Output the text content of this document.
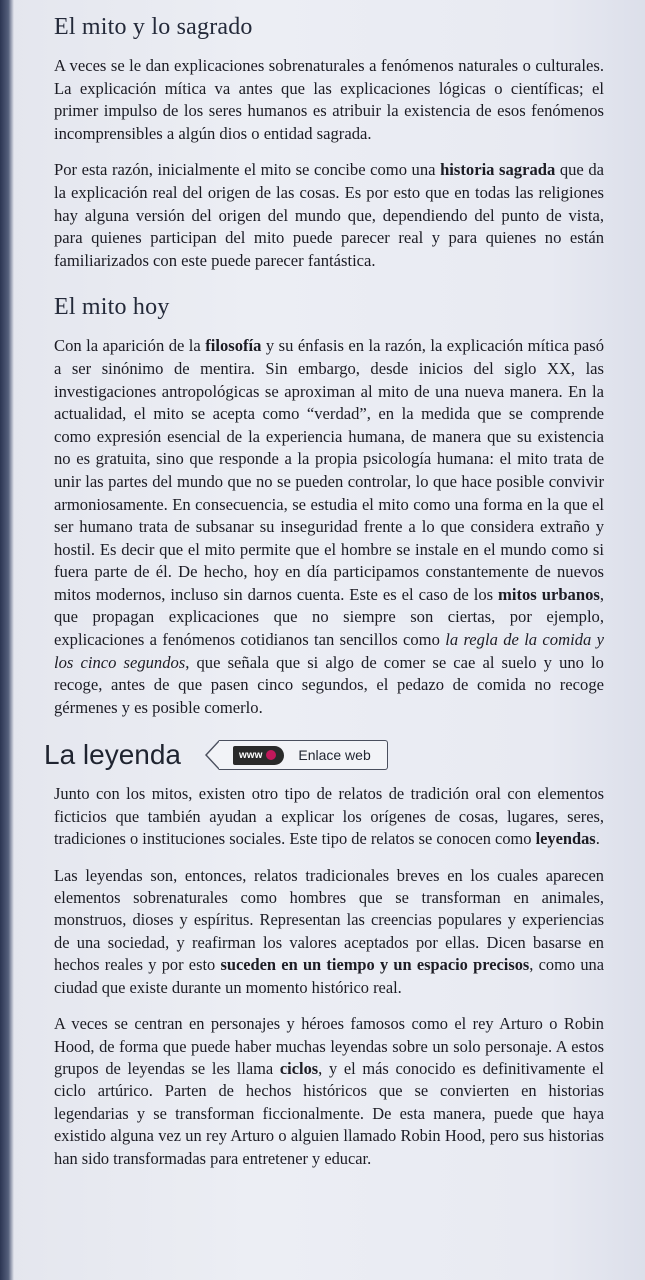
El mito y lo sagrado

A veces se le dan explicaciones sobrenaturales a fenómenos naturales o culturales. La explicación mítica va antes que las explicaciones lógicas o científicas; el primer impulso de los seres humanos es atribuir la existencia de esos fenómenos incomprensibles a algún dios o entidad sagrada.

Por esta razón, inicialmente el mito se concibe como una historia sagrada que da la explicación real del origen de las cosas. Es por esto que en todas las religiones hay alguna versión del origen del mundo que, dependiendo del punto de vista, para quienes participan del mito puede parecer real y para quienes no están familiarizados con este puede parecer fantástica.

El mito hoy

Con la aparición de la filosofía y su énfasis en la razón, la explicación mítica pasó a ser sinónimo de mentira. Sin embargo, desde inicios del siglo XX, las investigaciones antropológicas se aproximan al mito de una nueva manera. En la actualidad, el mito se acepta como “verdad”, en la medida que se comprende como expresión esencial de la experiencia humana, de manera que su existencia no es gratuita, sino que responde a la propia psicología humana: el mito trata de unir las partes del mundo que no se pueden controlar, lo que hace posible convivir armoniosamente. En consecuencia, se estudia el mito como una forma en la que el ser humano trata de subsanar su inseguridad frente a lo que considera extraño y hostil. Es decir que el mito permite que el hombre se instale en el mundo como si fuera parte de él. De hecho, hoy en día participamos constantemente de nuevos mitos modernos, incluso sin darnos cuenta. Este es el caso de los mitos urbanos, que propagan explicaciones que no siempre son ciertas, por ejemplo, explicaciones a fenómenos cotidianos tan sencillos como la regla de la comida y los cinco segundos, que señala que si algo de comer se cae al suelo y uno lo recoge, antes de que pasen cinco segundos, el pedazo de comida no recoge gérmenes y es posible comerlo.

La leyenda	www	Enlace web

Junto con los mitos, existen otro tipo de relatos de tradición oral con elementos ficticios que también ayudan a explicar los orígenes de cosas, lugares, seres, tradiciones o instituciones sociales. Este tipo de relatos se conocen como leyendas.

Las leyendas son, entonces, relatos tradicionales breves en los cuales aparecen elementos sobrenaturales como hombres que se transforman en animales, monstruos, dioses y espíritus. Representan las creencias populares y experiencias de una sociedad, y reafirman los valores aceptados por ellas. Dicen basarse en hechos reales y por esto suceden en un tiempo y un espacio precisos, como una ciudad que existe durante un momento histórico real.

A veces se centran en personajes y héroes famosos como el rey Arturo o Robin Hood, de forma que puede haber muchas leyendas sobre un solo personaje. A estos grupos de leyendas se les llama ciclos, y el más conocido es definitivamente el ciclo artúrico. Parten de hechos históricos que se convierten en historias legendarias y se transforman ficcionalmente. De esta manera, puede que haya existido alguna vez un rey Arturo o alguien llamado Robin Hood, pero sus historias han sido transformadas para entretener y educar.
